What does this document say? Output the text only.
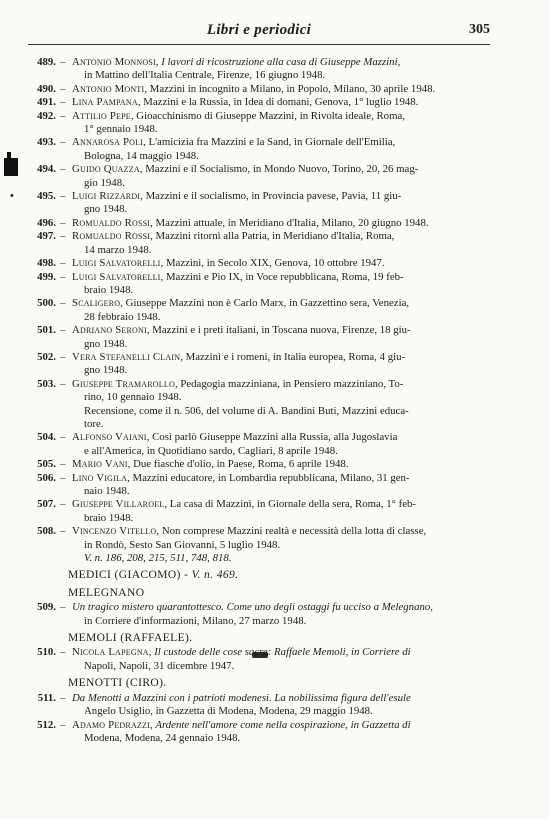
Libri e periodici	305
489. – Antonio Monnosi, I lavori di ricostruzione alla casa di Giuseppe Mazzini,
in Mattino dell'Italia Centrale, Firenze, 16 giugno 1948.
490. – Antonio Monti, Mazzini in incognito a Milano, in Popolo, Milano, 30 aprile 1948.
491. – Lina Pampana, Mazzini e la Russia, in Idea di domani, Genova, 1° luglio 1948.
492. – Attilio Pepe, Gioacchinismo di Giuseppe Mazzini, in Rivolta ideale, Roma,
1° gennaio 1948.
493. – Annarosa Poli, L'amicizia fra Mazzini e la Sand, in Giornale dell'Emilia,
Bologna, 14 maggio 1948.
494. – Guido Quazza, Mazzini e il Socialismo, in Mondo Nuovo, Torino, 20, 26 mag-
gio 1948.
•	495. – Luigi Rizzardi, Mazzini e il socialismo, in Provincia pavese, Pavia, 11 giu-
gno 1948.
496. – Romualdo Rossi, Mazzini attuale, in Meridiano d'Italia, Milano, 20 giugno 1948.
497. – Romualdo Rossi, Mazzini ritornì alla Patria, in Meridiano d'Italia, Roma,
14 marzo 1948.
498. – Luigi Salvatorelli, Mazzini, in Secolo XIX, Genova, 10 ottobre 1947.
499. – Luigi Salvatorelli, Mazzini e Pio IX, in Voce repubblicana, Roma, 19 feb-
braio 1948.
500. – Scaligero, Giuseppe Mazzini non è Carlo Marx, in Gazzettino sera, Venezia,
28 febbraio 1948.
501. – Adriano Seroni, Mazzini e i preti italiani, in Toscana nuova, Firenze, 18 giu-
gno 1948.
502. – Vera Stefanelli Clain, Mazzini e i romeni, in Italia europea, Roma, 4 giu-
gno 1948.
503. – Giuseppe Tramarollo, Pedagogia mazziniana, in Pensiero mazziniano, To-
rino, 10 gennaio 1948.
Recensione, come il n. 506, del volume di A. Bandini Buti, Mazzini educa-
tore.
504. – Alfonso Vaiani, Così parlò Giuseppe Mazzini alla Russia, alla Jugoslavia
e all'America, in Quotidiano sardo, Cagliari, 8 aprile 1948.
505. – Mario Vani, Due fiasche d'olio, in Paese, Roma, 6 aprile 1948.
506. – Lino Vigila, Mazzini educatore, in Lombardia repubblicana, Milano, 31 gen-
naio 1948.
507. – Giuseppe Villaroel, La casa di Mazzini, in Giornale della sera, Roma, 1° feb-
braio 1948.
508. – Vincenzo Vitello, Non comprese Mazzini realtà e necessità della lotta di classe,
in Rondò, Sesto San Giovanni, 5 luglio 1948.
V. n. 186, 208, 215, 511, 748, 818.
MEDICI (GIACOMO) - V. n. 469.
MELEGNANO
509. – Un tragico mistero quarantottesco. Come uno degli ostaggi fu ucciso a Melegnano,
in Corriere d'informazioni, Milano, 27 marzo 1948.
MEMOLI (RAFFAELE).
510. – Nicola Lapegna, Il custode delle cose sacre: Raffaele Memoli, in Corriere di
Napoli, Napoli, 31 dicembre 1947.
MENOTTI (CIRO).
511. – Da Menotti a Mazzini con i patrioti modenesi. La nobilissima figura dell'esule
Angelo Usiglio, in Gazzetta di Modena, Modena, 29 maggio 1948.
512. – Adamo Pedrazzi, Ardente nell'amore come nella cospirazione, in Gazzetta di
Modena, Modena, 24 gennaio 1948.
